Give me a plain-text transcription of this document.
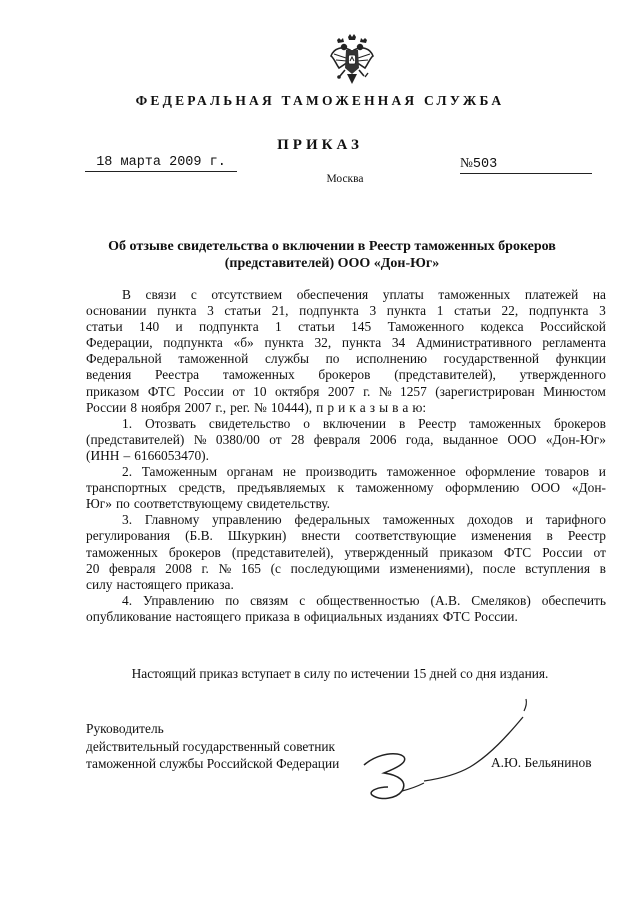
ФЕДЕРАЛЬНАЯ ТАМОЖЕННАЯ СЛУЖБА
ПРИКАЗ
18 марта 2009 г.	№503
Москва
Об отзыве свидетельства о включении в Реестр таможенных брокеров
(представителей) ООО «Дон-Юг»
В связи с отсутствием обеспечения уплаты таможенных платежей на
основании пункта 3 статьи 21, подпункта 3 пункта 1 статьи 22, подпункта 3
статьи 140 и подпункта 1 статьи 145 Таможенного кодекса Российской
Федерации, подпункта «б» пункта 32, пункта 34 Административного регламента
Федеральной таможенной службы по исполнению государственной функции
ведения Реестра таможенных брокеров (представителей), утвержденного
приказом ФТС России от 10 октября 2007 г. № 1257 (зарегистрирован Минюстом
России 8 ноября 2007 г., рег. № 10444), п р и к а з ы в а ю:
1. Отозвать свидетельство о включении в Реестр таможенных брокеров
(представителей) № 0380/00 от 28 февраля 2006 года, выданное ООО «Дон-Юг»
(ИНН – 6166053470).
2. Таможенным органам не производить таможенное оформление товаров и
транспортных средств, предъявляемых к таможенному оформлению ООО «Дон-
Юг» по соответствующему свидетельству.
3. Главному управлению федеральных таможенных доходов и тарифного
регулирования (Б.В. Шкуркин) внести соответствующие изменения в Реестр
таможенных брокеров (представителей), утвержденный приказом ФТС России от
20 февраля 2008 г. № 165 (с последующими изменениями), после вступления в
силу настоящего приказа.
4. Управлению по связям с общественностью (А.В. Смеляков) обеспечить
опубликование настоящего приказа в официальных изданиях ФТС России.
Настоящий приказ вступает в силу по истечении 15 дней со дня издания.
Руководитель
действительный государственный советник
таможенной службы Российской Федерации	А.Ю. Бельянинов
